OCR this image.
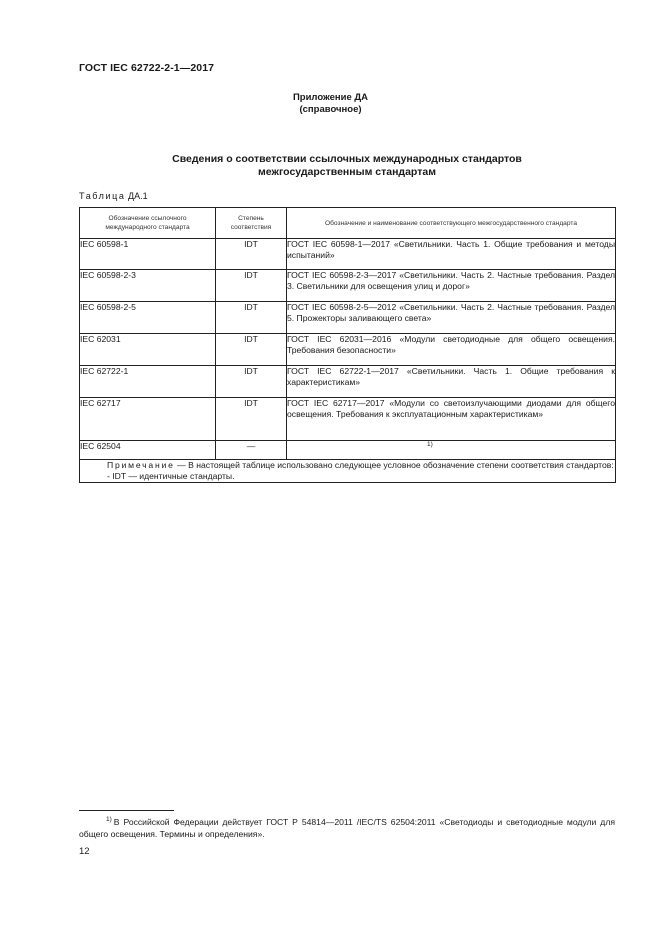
ГОСТ IEC 62722-2-1—2017
Приложение ДА
(справочное)
Сведения о соответствии ссылочных международных стандартов
межгосударственным стандартам
Таблица ДА.1
Обозначение ссылочного международного стандарта	Степень соответствия	Обозначение и наименование соответствующего межгосударственного стандарта
IEC 60598-1	IDT	ГОСТ IEC 60598-1—2017 «Светильники. Часть 1. Общие требования и методы испытаний»
IEC 60598-2-3	IDT	ГОСТ IEC 60598-2-3—2017 «Светильники. Часть 2. Частные требования. Раздел 3. Светильники для освещения улиц и дорог»
IEC 60598-2-5	IDT	ГОСТ IEC 60598-2-5—2012 «Светильники. Часть 2. Частные требования. Раздел 5. Прожекторы заливающего света»
IEC 62031	IDT	ГОСТ IEC 62031—2016 «Модули светодиодные для общего освещения. Требования безопасности»
IEC 62722-1	IDT	ГОСТ IEC 62722-1—2017 «Светильники. Часть 1. Общие требования к характеристикам»
IEC 62717	IDT	ГОСТ IEC 62717—2017 «Модули со светоизлучающими диодами для общего освещения. Требования к эксплуатационным характеристикам»
IEC 62504	—	$^{1)}$
Примечание — В настоящей таблице использовано следующее условное обозначение степени соответствия стандартов:
- IDT — идентичные стандарты.		
$^{1)}$ В Российской Федерации действует ГОСТ Р 54814—2011 /IEC/TS 62504:2011 «Светодиоды и светодиодные модули для общего освещения. Термины и определения».
12
